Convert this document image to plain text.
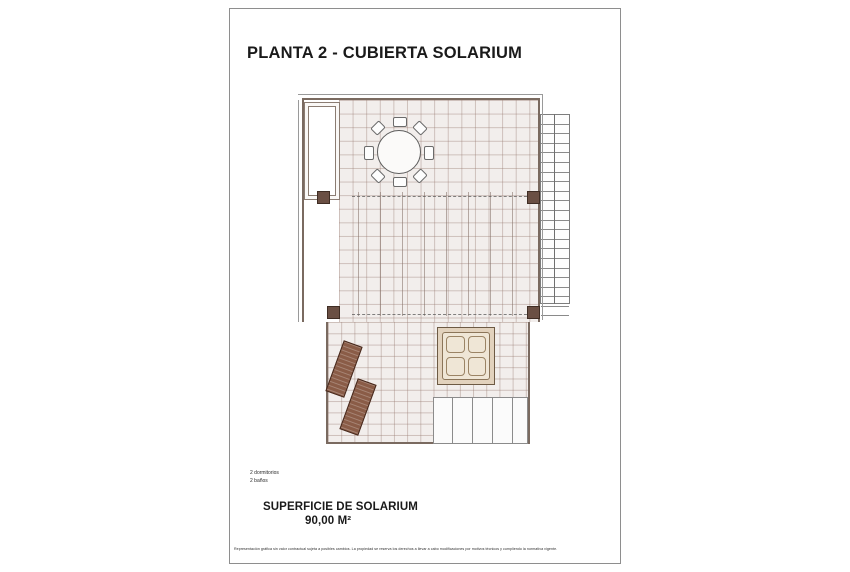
PLANTA 2 - CUBIERTA SOLARIUM
2 dormitorios
2 baños
SUPERFICIE DE SOLARIUM
90,00 M²
Representación gráfica sin valor contractual sujeta a posibles cambios. La propiedad se reserva los derechos a llevar a cabo modificaciones por motivos técnicos y cumpliendo la normativa vigente.
